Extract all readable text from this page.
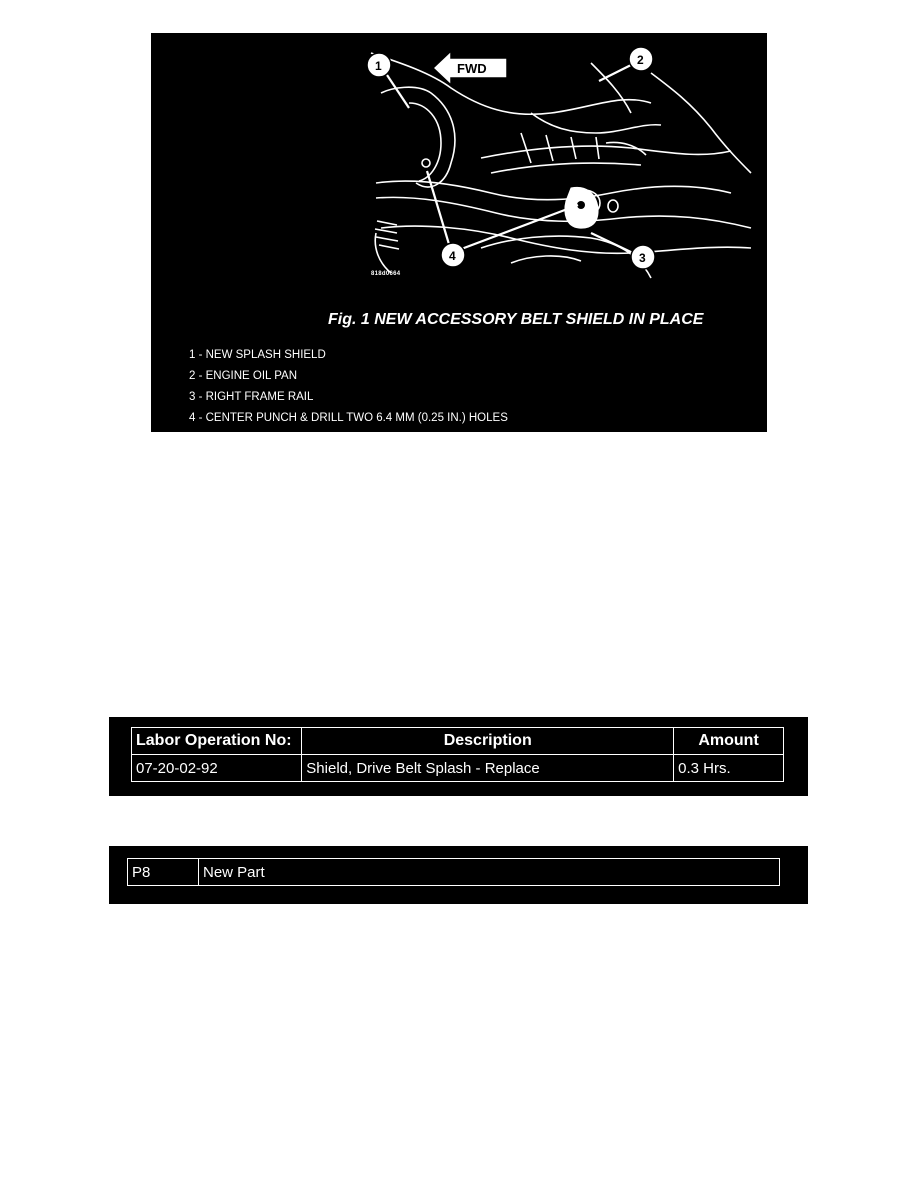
FWD
1	2
3
4
818d0664
Fig. 1 NEW ACCESSORY BELT SHIELD IN PLACE
1 - NEW SPLASH SHIELD
2 - ENGINE OIL PAN
3 - RIGHT FRAME RAIL
4 - CENTER PUNCH & DRILL TWO 6.4 MM (0.25 IN.) HOLES
Labor Operation No:	Description	Amount
07-20-02-92	Shield, Drive Belt Splash - Replace	0.3 Hrs.
P8	New Part
